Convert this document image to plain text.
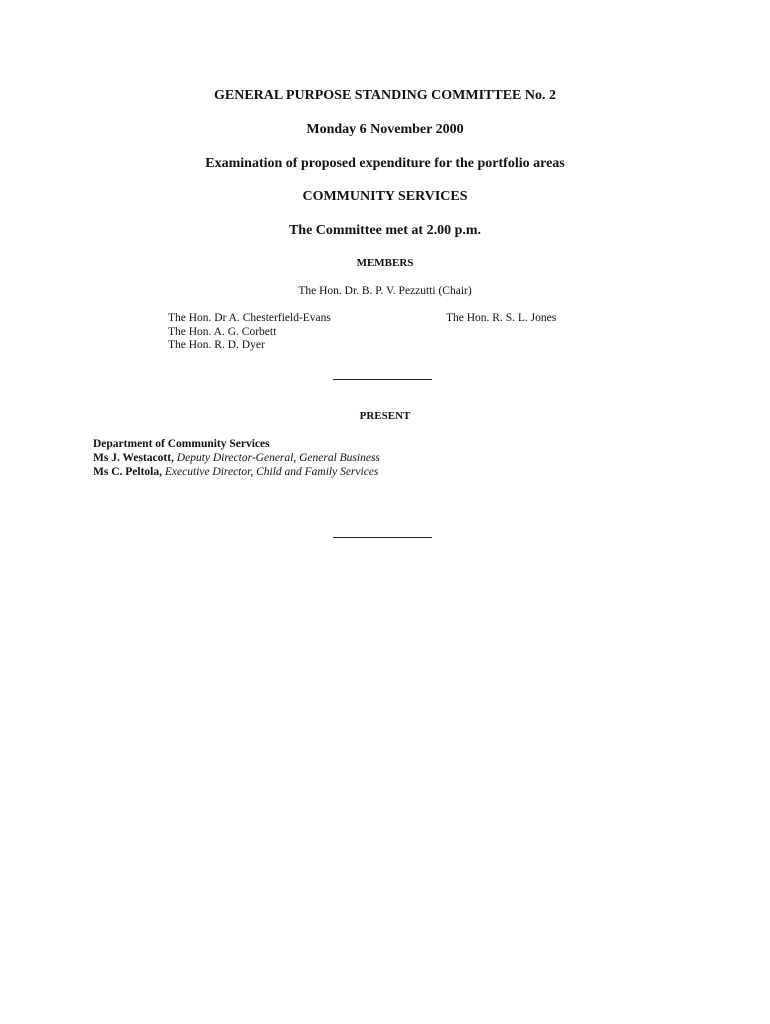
GENERAL PURPOSE STANDING COMMITTEE No. 2
Monday 6 November 2000
Examination of proposed expenditure for the portfolio areas
COMMUNITY SERVICES
The Committee met at 2.00 p.m.
MEMBERS
The Hon. Dr. B. P. V. Pezzutti (Chair)
The Hon. Dr A. Chesterfield-Evans
The Hon. A. G. Corbett
The Hon. R. D. Dyer
The Hon. R. S. L. Jones
PRESENT
Department of Community Services
Ms J. Westacott, Deputy Director-General, General Business
Ms C. Peltola, Executive Director, Child and Family Services
